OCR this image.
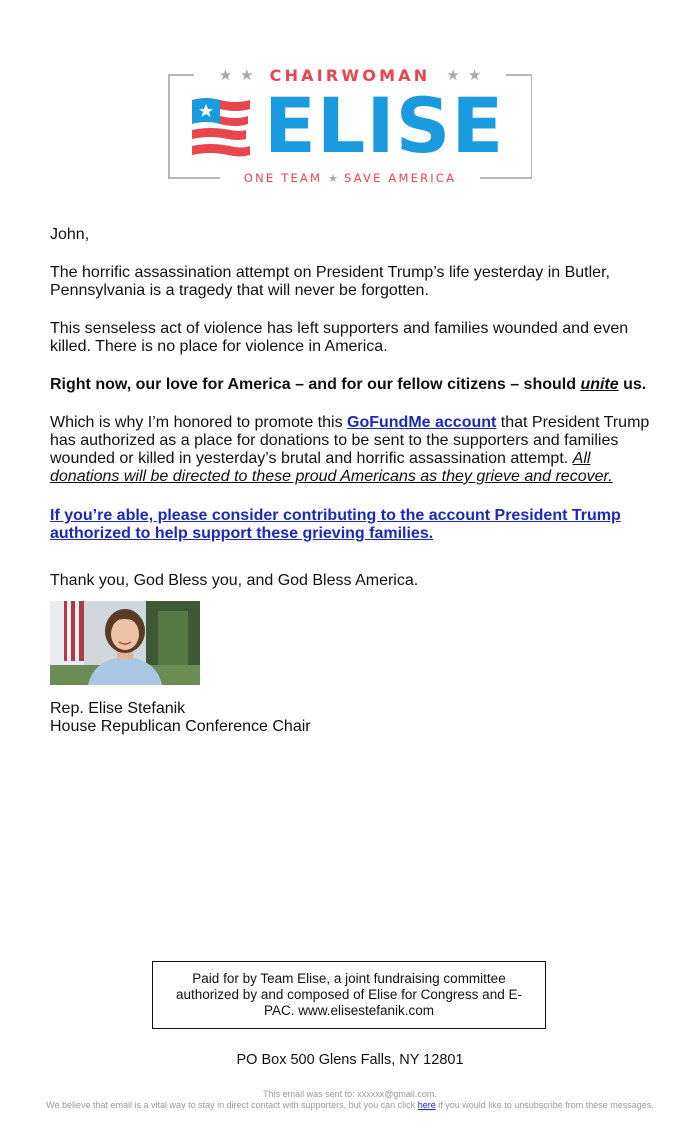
★ ★ CHAIRWOMAN ★ ★
ELISE
ONE TEAM ★ SAVE AMERICA

John,

The horrific assassination attempt on President Trump’s life yesterday in Butler, Pennsylvania is a tragedy that will never be forgotten.

This senseless act of violence has left supporters and families wounded and even killed. There is no place for violence in America.

Right now, our love for America – and for our fellow citizens – should unite us.

Which is why I’m honored to promote this GoFundMe account that President Trump has authorized as a place for donations to be sent to the supporters and families wounded or killed in yesterday’s brutal and horrific assassination attempt. All donations will be directed to these proud Americans as they grieve and recover.

If you’re able, please consider contributing to the account President Trump authorized to help support these grieving families.

Thank you, God Bless you, and God Bless America.

Rep. Elise Stefanik
House Republican Conference Chair
Paid for by Team Elise, a joint fundraising committee authorized by and composed of Elise for Congress and E-PAC. www.elisestefanik.com
PO Box 500 Glens Falls, NY 12801
This email was sent to: xxxxxx@gmail.com.
We believe that email is a vital way to stay in direct contact with supporters, but you can click here if you would like to unsubscribe from these messages.
